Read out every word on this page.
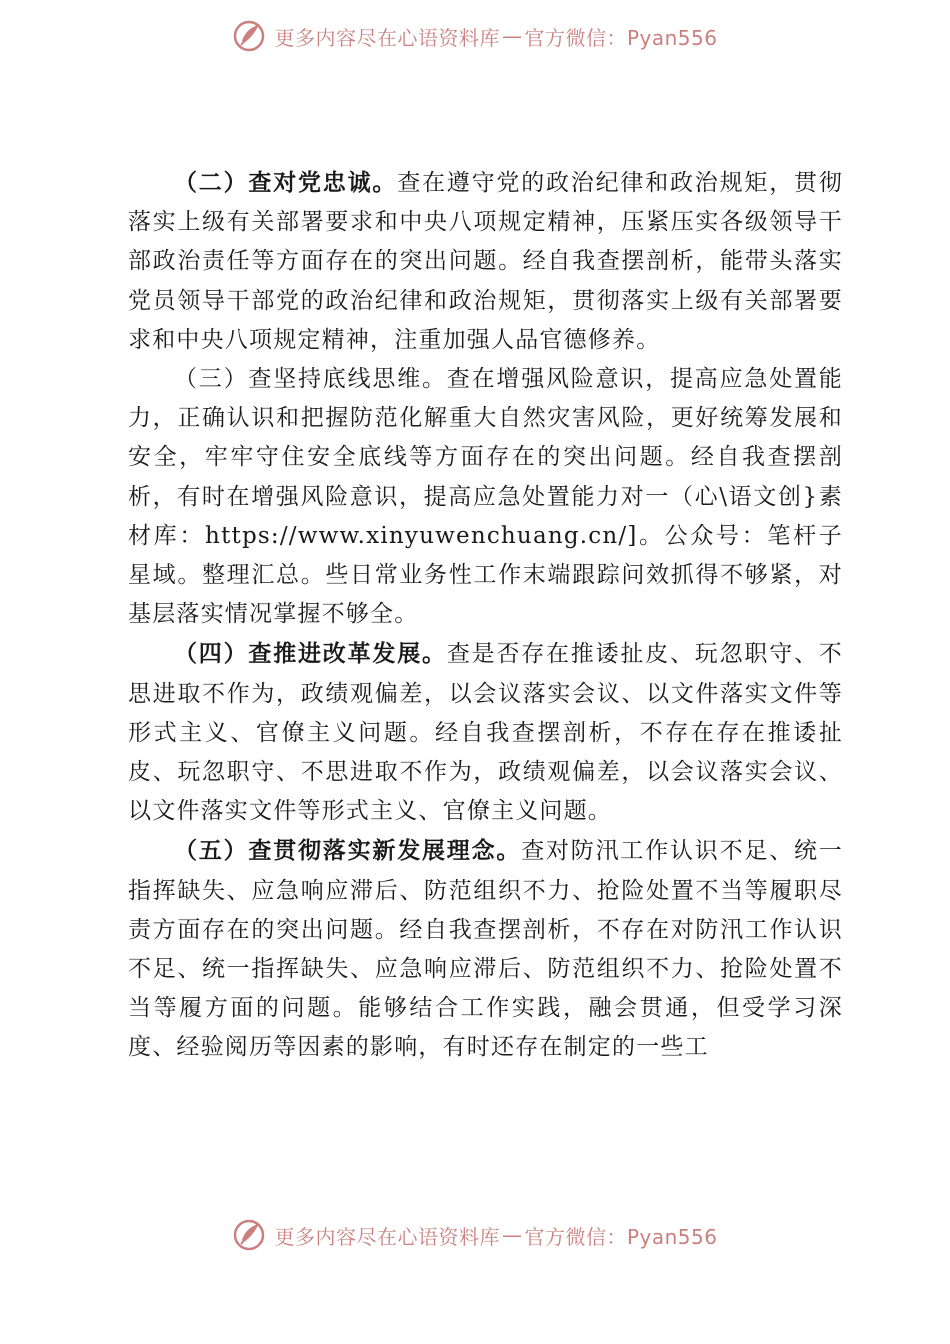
更多内容尽在心语资料库 — 官方微信：Pyan556

（二）查对党忠诚。查在遵守党的政治纪律和政治规矩，贯彻落实上级有关部署要求和中央八项规定精神，压紧压实各级领导干部政治责任等方面存在的突出问题。经自我查摆剖析，能带头落实党员领导干部党的政治纪律和政治规矩，贯彻落实上级有关部署要求和中央八项规定精神，注重加强人品官德修养。

（三）查坚持底线思维。查在增强风险意识，提高应急处置能力，正确认识和把握防范化解重大自然灾害风险，更好统筹发展和安全，牢牢守住安全底线等方面存在的突出问题。经自我查摆剖析，有时在增强风险意识，提高应急处置能力对一（心\语文创}素材库：https://www.xinyuwenchuang.cn/]。公众号：笔杆子星域。整理汇总。些日常业务性工作末端跟踪问效抓得不够紧，对基层落实情况掌握不够全。

（四）查推进改革发展。查是否存在推诿扯皮、玩忽职守、不思进取不作为，政绩观偏差，以会议落实会议、以文件落实文件等形式主义、官僚主义问题。经自我查摆剖析，不存在存在推诿扯皮、玩忽职守、不思进取不作为，政绩观偏差，以会议落实会议、以文件落实文件等形式主义、官僚主义问题。

（五）查贯彻落实新发展理念。查对防汛工作认识不足、统一指挥缺失、应急响应滞后、防范组织不力、抢险处置不当等履职尽责方面存在的突出问题。经自我查摆剖析，不存在对防汛工作认识不足、统一指挥缺失、应急响应滞后、防范组织不力、抢险处置不当等履方面的问题。能够结合工作实践，融会贯通，但受学习深度、经验阅历等因素的影响，有时还存在制定的一些工

更多内容尽在心语资料库 — 官方微信：Pyan556
